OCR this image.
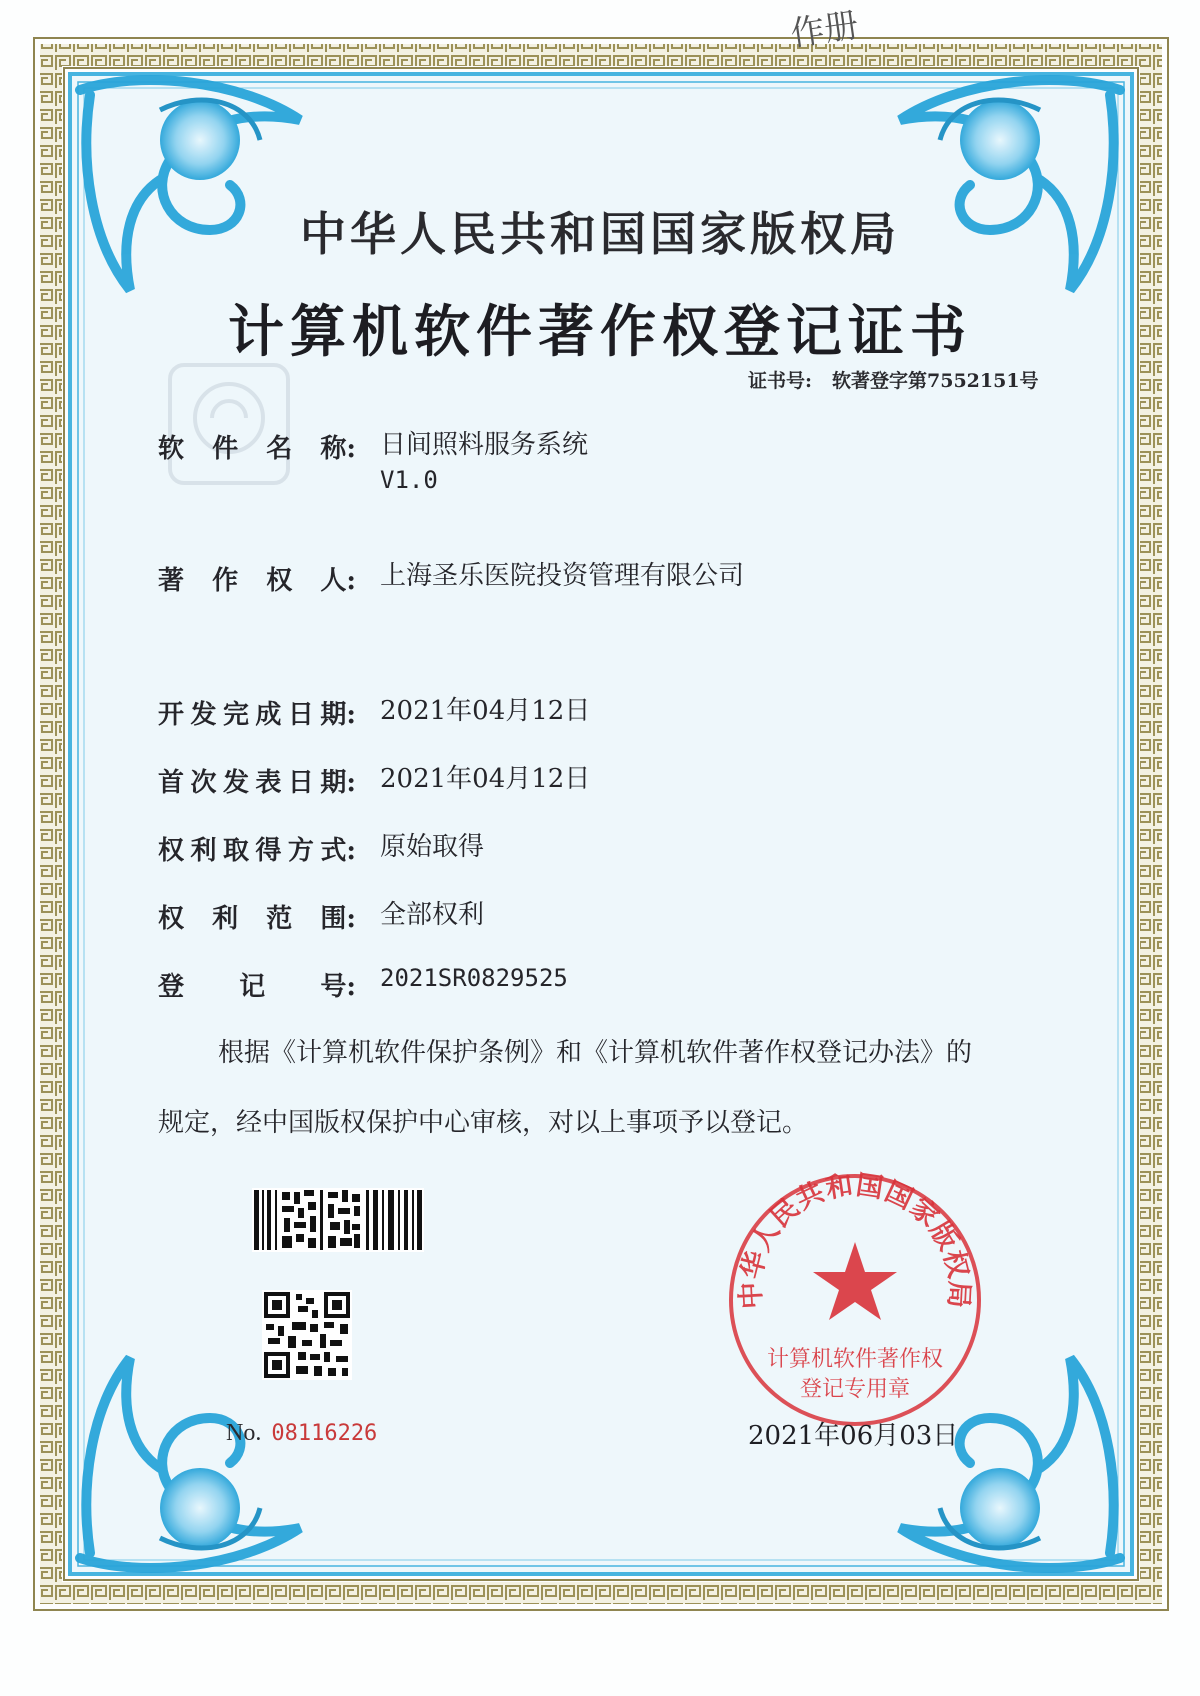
作册
中华人民共和国国家版权局
计算机软件著作权登记证书
证书号: 软著登字第7552151号
软 件 名 称: 日间照料服务系统
V1.0
著 作 权 人: 上海圣乐医院投资管理有限公司
开 发 完 成 日 期: 2021年04月12日
首 次 发 表 日 期: 2021年04月12日
权 利 取 得 方 式: 原始取得
权 利 范 围: 全部权利
登 记 号: 2021SR0829525
根据《计算机软件保护条例》和《计算机软件著作权登记办法》的
规定，经中国版权保护中心审核，对以上事项予以登记。
No. 08116226
中华人民共和国国家版权局
计算机软件著作权
登记专用章
2021年06月03日
